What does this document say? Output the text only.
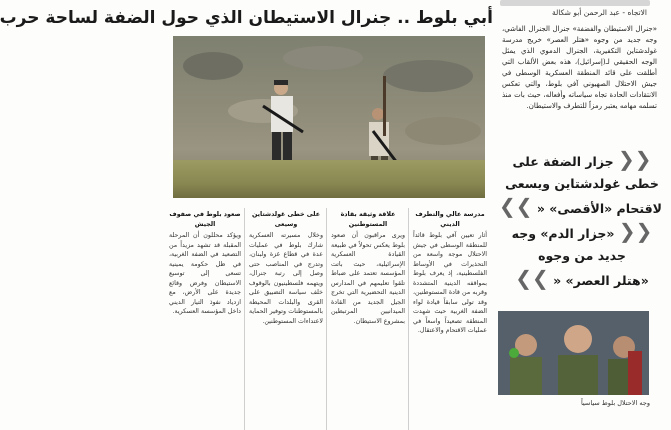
أبي بلوط .. جنرال الاستيطان الذي حول الضفة لساحة حرب
مدرسة عالي والتطرف الديني
أثار تعيين آفي بلوط قائداً للمنطقة الوسطى في جيش الاحتلال موجة واسعة من التحذيرات في الأوساط الفلسطينية، إذ يعرف بلوط بمواقفه الدينية المتشددة وقربه من قادة المستوطنين، وقد تولى سابقاً قيادة لواء الضفة الغربية حيث شهدت المنطقة تصعيداً واسعاً في عمليات الاقتحام والاعتقال.
علاقة وثيقة بقادة المستوطنين
ويرى مراقبون أن صعود بلوط يعكس تحولاً في طبيعة القيادة العسكرية الإسرائيلية، حيث باتت المؤسسة تعتمد على ضباط تلقوا تعليمهم في المدارس الدينية التحضيرية التي تخرج الجيل الجديد من القادة الميدانيين المرتبطين بمشروع الاستيطان.
على خطى غولدشتاين وسيعى
وخلال مسيرته العسكرية شارك بلوط في عمليات عدة في قطاع غزة ولبنان، وتدرج في المناصب حتى وصل إلى رتبة جنرال، ويتهمه فلسطينيون بالوقوف خلف سياسة التضييق على القرى والبلدات المحيطة بالمستوطنات وتوفير الحماية لاعتداءات المستوطنين.
صعود بلوط في صفوف الجيش
ويؤكد محللون أن المرحلة المقبلة قد تشهد مزيداً من التصعيد في الضفة الغربية، في ظل حكومة يمينية تسعى إلى توسيع الاستيطان وفرض وقائع جديدة على الأرض، مع ازدياد نفوذ التيار الديني داخل المؤسسة العسكرية.
الاتجاه - عبد الرحمن أبو شكالة
«جنرال الاستيطان والفضفة» جنرال الجنرال الفاشي، وجه جديد من وجوه «هتلر العصر» خريج مدرسة غولدشتاين التكفيرية، الجنرال الدموي الذي يمثل الوجه الحقيقي لـ(إسرائيل)، هذه بعض الألقاب التي أطلقت على قائد المنطقة العسكرية الوسطى في جيش الاحتلال الصهيوني آفي بلوط، والتي تعكس الانتقادات الحادة تجاه سياساته وأفعاله، حيث بات منذ تسلمه مهامه يعتبر رمزاً للتطرف والاستيطان.
❮❮ جزار الضفة على
خطى غولدشتاين ويسعى
لاقتحام «الأقصى» « ❯❯
❮❮ «جزار الدم» وجه
جديد من وجوه
«هتلر العصر» « ❯❯
وجه الاحتلال بلوط سياسياً
